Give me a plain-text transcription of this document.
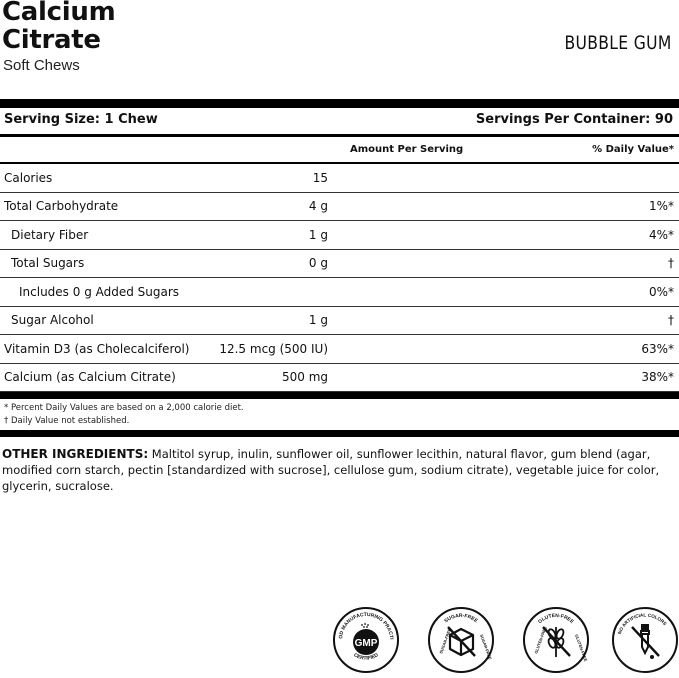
Calcium
Citrate
Soft Chews
BUBBLE GUM
Serving Size: 1 Chew	Servings Per Container: 90
Amount Per Serving	% Daily Value*
Calories	15	
Total Carbohydrate	4 g	1%*
Dietary Fiber	1 g	4%*
Total Sugars	0 g	†
Includes 0 g Added Sugars		0%*
Sugar Alcohol	1 g	†
Vitamin D3 (as Cholecalciferol)	12.5 mcg (500 IU)	63%*
Calcium (as Calcium Citrate)	500 mg	38%*
* Percent Daily Values are based on a 2,000 calorie diet.
† Daily Value not established.
OTHER INGREDIENTS: Maltitol syrup, inulin, sunflower oil, sunflower lecithin, natural flavor, gum blend (agar, modified corn starch, pectin [standardized with sucrose], cellulose gum, sodium citrate), vegetable juice for color, glycerin, sucralose.
OD MANUFACTURING PRACTI
GMP
CERTIFIED
SUGAR-FREE
SUGAR-FREE	SUGAR-FREE
GLUTEN-FREE
GLUTEN-FREE	GLUTEN-FREE
NO ARTIFICIAL COLORS
